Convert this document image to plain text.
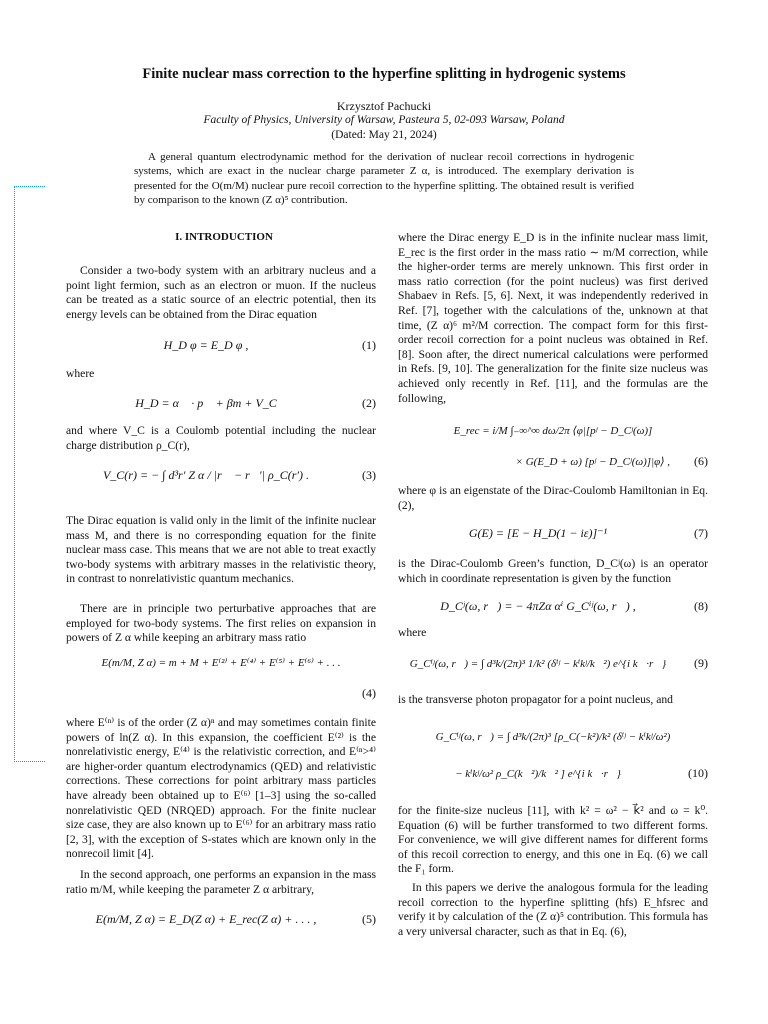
Finite nuclear mass correction to the hyperfine splitting in hydrogenic systems
Krzysztof Pachucki
Faculty of Physics, University of Warsaw, Pasteura 5, 02-093 Warsaw, Poland
(Dated: May 21, 2024)
A general quantum electrodynamic method for the derivation of nuclear recoil corrections in hydrogenic systems, which are exact in the nuclear charge parameter Z α, is introduced. The exemplary derivation is presented for the O(m/M) nuclear pure recoil correction to the hyperfine splitting. The obtained result is verified by comparison to the known (Z α)⁵ contribution.
I. INTRODUCTION
Consider a two-body system with an arbitrary nucleus and a point light fermion, such as an electron or muon. If the nucleus can be treated as a static source of an electric potential, then its energy levels can be obtained from the Dirac equation
H_D φ = E_D φ ,	(1)
where
H_D = α⃗ · p⃗ + βm + V_C	(2)
and where V_C is a Coulomb potential including the nuclear charge distribution ρ_C(r),
V_C(r) = − ∫ d³r′ Z α / |r⃗ − r⃗′| ρ_C(r′) .	(3)
The Dirac equation is valid only in the limit of the infinite nuclear mass M, and there is no corresponding equation for the finite nuclear mass case. This means that we are not able to treat exactly two-body systems with arbitrary masses in the relativistic theory, in contrast to nonrelativistic quantum mechanics.
There are in principle two perturbative approaches that are employed for two-body systems. The first relies on expansion in powers of Z α while keeping an arbitrary mass ratio
E(m/M, Z α) = m + M + E⁽²⁾ + E⁽⁴⁾ + E⁽⁵⁾ + E⁽⁶⁾ + . . .
(4)
where E⁽ⁿ⁾ is of the order (Z α)ⁿ and may sometimes contain finite powers of ln(Z α). In this expansion, the coefficient E⁽²⁾ is the nonrelativistic energy, E⁽⁴⁾ is the relativistic correction, and E⁽ⁿ>⁴⁾ are higher-order quantum electrodynamics (QED) and relativistic corrections. These corrections for point arbitrary mass particles have already been obtained up to E⁽⁶⁾ [1–3] using the so-called nonrelativistic QED (NRQED) approach. For the finite nuclear size case, they are also known up to E⁽⁶⁾ for an arbitrary mass ratio [2, 3], with the exception of S-states which are known only in the nonrecoil limit [4].
In the second approach, one performs an expansion in the mass ratio m/M, while keeping the parameter Z α arbitrary,
E(m/M, Z α) = E_D(Z α) + E_rec(Z α) + . . . ,	(5)
where the Dirac energy E_D is in the infinite nuclear mass limit, E_rec is the first order in the mass ratio ∼ m/M correction, while the higher-order terms are merely unknown. This first order in mass ratio correction (for the point nucleus) was first derived Shabaev in Refs. [5, 6]. Next, it was independently rederived in Ref. [7], together with the calculations of the, unknown at that time, (Z α)⁶ m²/M correction. The compact form for this first-order recoil correction for a point nucleus was obtained in Ref. [8]. Soon after, the direct numerical calculations were performed in Refs. [9, 10]. The generalization for the finite size nucleus was achieved only recently in Ref. [11], and the formulas are the following,
E_rec = i/M ∫₋∞^∞ dω/2π ⟨φ|[pʲ − D_Cʲ(ω)]
× G(E_D + ω) [pʲ − D_Cʲ(ω)]|φ⟩ ,	(6)
where φ is an eigenstate of the Dirac-Coulomb Hamiltonian in Eq. (2),
G(E) = [E − H_D(1 − iε)]⁻¹	(7)
is the Dirac-Coulomb Green’s function, D_Cʲ(ω) is an operator which in coordinate representation is given by the function
D_Cʲ(ω, r⃗) = − 4πZα αⁱ G_Cⁱʲ(ω, r⃗) ,	(8)
where
G_Cⁱʲ(ω, r⃗) = ∫ d³k/(2π)³ 1/k² (δⁱʲ − kⁱkʲ/k⃗²) e^{i k⃗·r⃗}	(9)
is the transverse photon propagator for a point nucleus, and
G_Cⁱʲ(ω, r⃗) = ∫ d³k/(2π)³ [ρ_C(−k²)/k² (δⁱʲ − kⁱkʲ/ω²)
− kⁱkʲ/ω² ρ_C(k⃗²)/k⃗² ] e^{i k⃗·r⃗}	(10)
for the finite-size nucleus [11], with k² = ω² − k⃗² and ω = k⁰. Equation (6) will be further transformed to two different forms. For convenience, we will give different names for different forms of this recoil correction to energy, and this one in Eq. (6) we call the F₁ form.
In this papers we derive the analogous formula for the leading recoil correction to the hyperfine splitting (hfs) E_hfsrec and verify it by calculation of the (Z α)⁵ contribution. This formula has a very universal character, such as that in Eq. (6),
